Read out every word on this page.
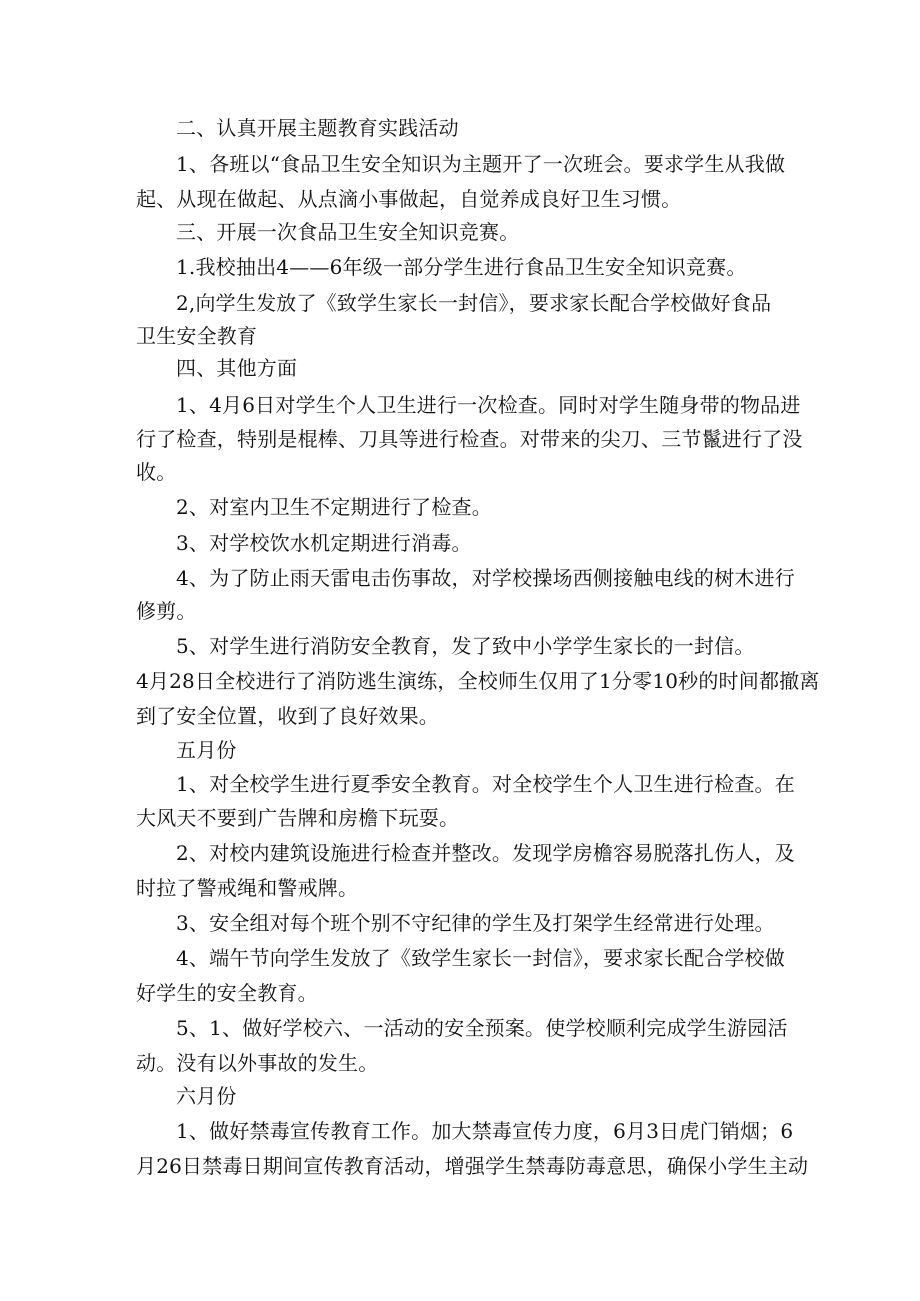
二、认真开展主题教育实践活动
1、各班以“食品卫生安全知识为主题开了一次班会。要求学生从我做
起、从现在做起、从点滴小事做起，自觉养成良好卫生习惯。
三、开展一次食品卫生安全知识竞赛。
1.我校抽出4——6年级一部分学生进行食品卫生安全知识竞赛。
2,向学生发放了《致学生家长一封信》，要求家长配合学校做好食品
卫生安全教育
四、其他方面
1、4月6日对学生个人卫生进行一次检查。同时对学生随身带的物品进
行了检查，特别是棍棒、刀具等进行检查。对带来的尖刀、三节鬣进行了没
收。
2、对室内卫生不定期进行了检查。
3、对学校饮水机定期进行消毒。
4、为了防止雨天雷电击伤事故，对学校操场西侧接触电线的树木进行
修剪。
5、对学生进行消防安全教育，发了致中小学学生家长的一封信。
4月28日全校进行了消防逃生演练，全校师生仅用了1分零10秒的时间都撤离
到了安全位置，收到了良好效果。
五月份
1、对全校学生进行夏季安全教育。对全校学生个人卫生进行检查。在
大风天不要到广告牌和房檐下玩耍。
2、对校内建筑设施进行检查并整改。发现学房檐容易脱落扎伤人，及
时拉了警戒绳和警戒牌。
3、安全组对每个班个别不守纪律的学生及打架学生经常进行处理。
4、端午节向学生发放了《致学生家长一封信》，要求家长配合学校做
好学生的安全教育。
5、1、做好学校六、一活动的安全预案。使学校顺利完成学生游园活
动。没有以外事故的发生。
六月份
1、做好禁毒宣传教育工作。加大禁毒宣传力度，6月3日虎门销烟；6
月26日禁毒日期间宣传教育活动，增强学生禁毒防毒意思，确保小学生主动
